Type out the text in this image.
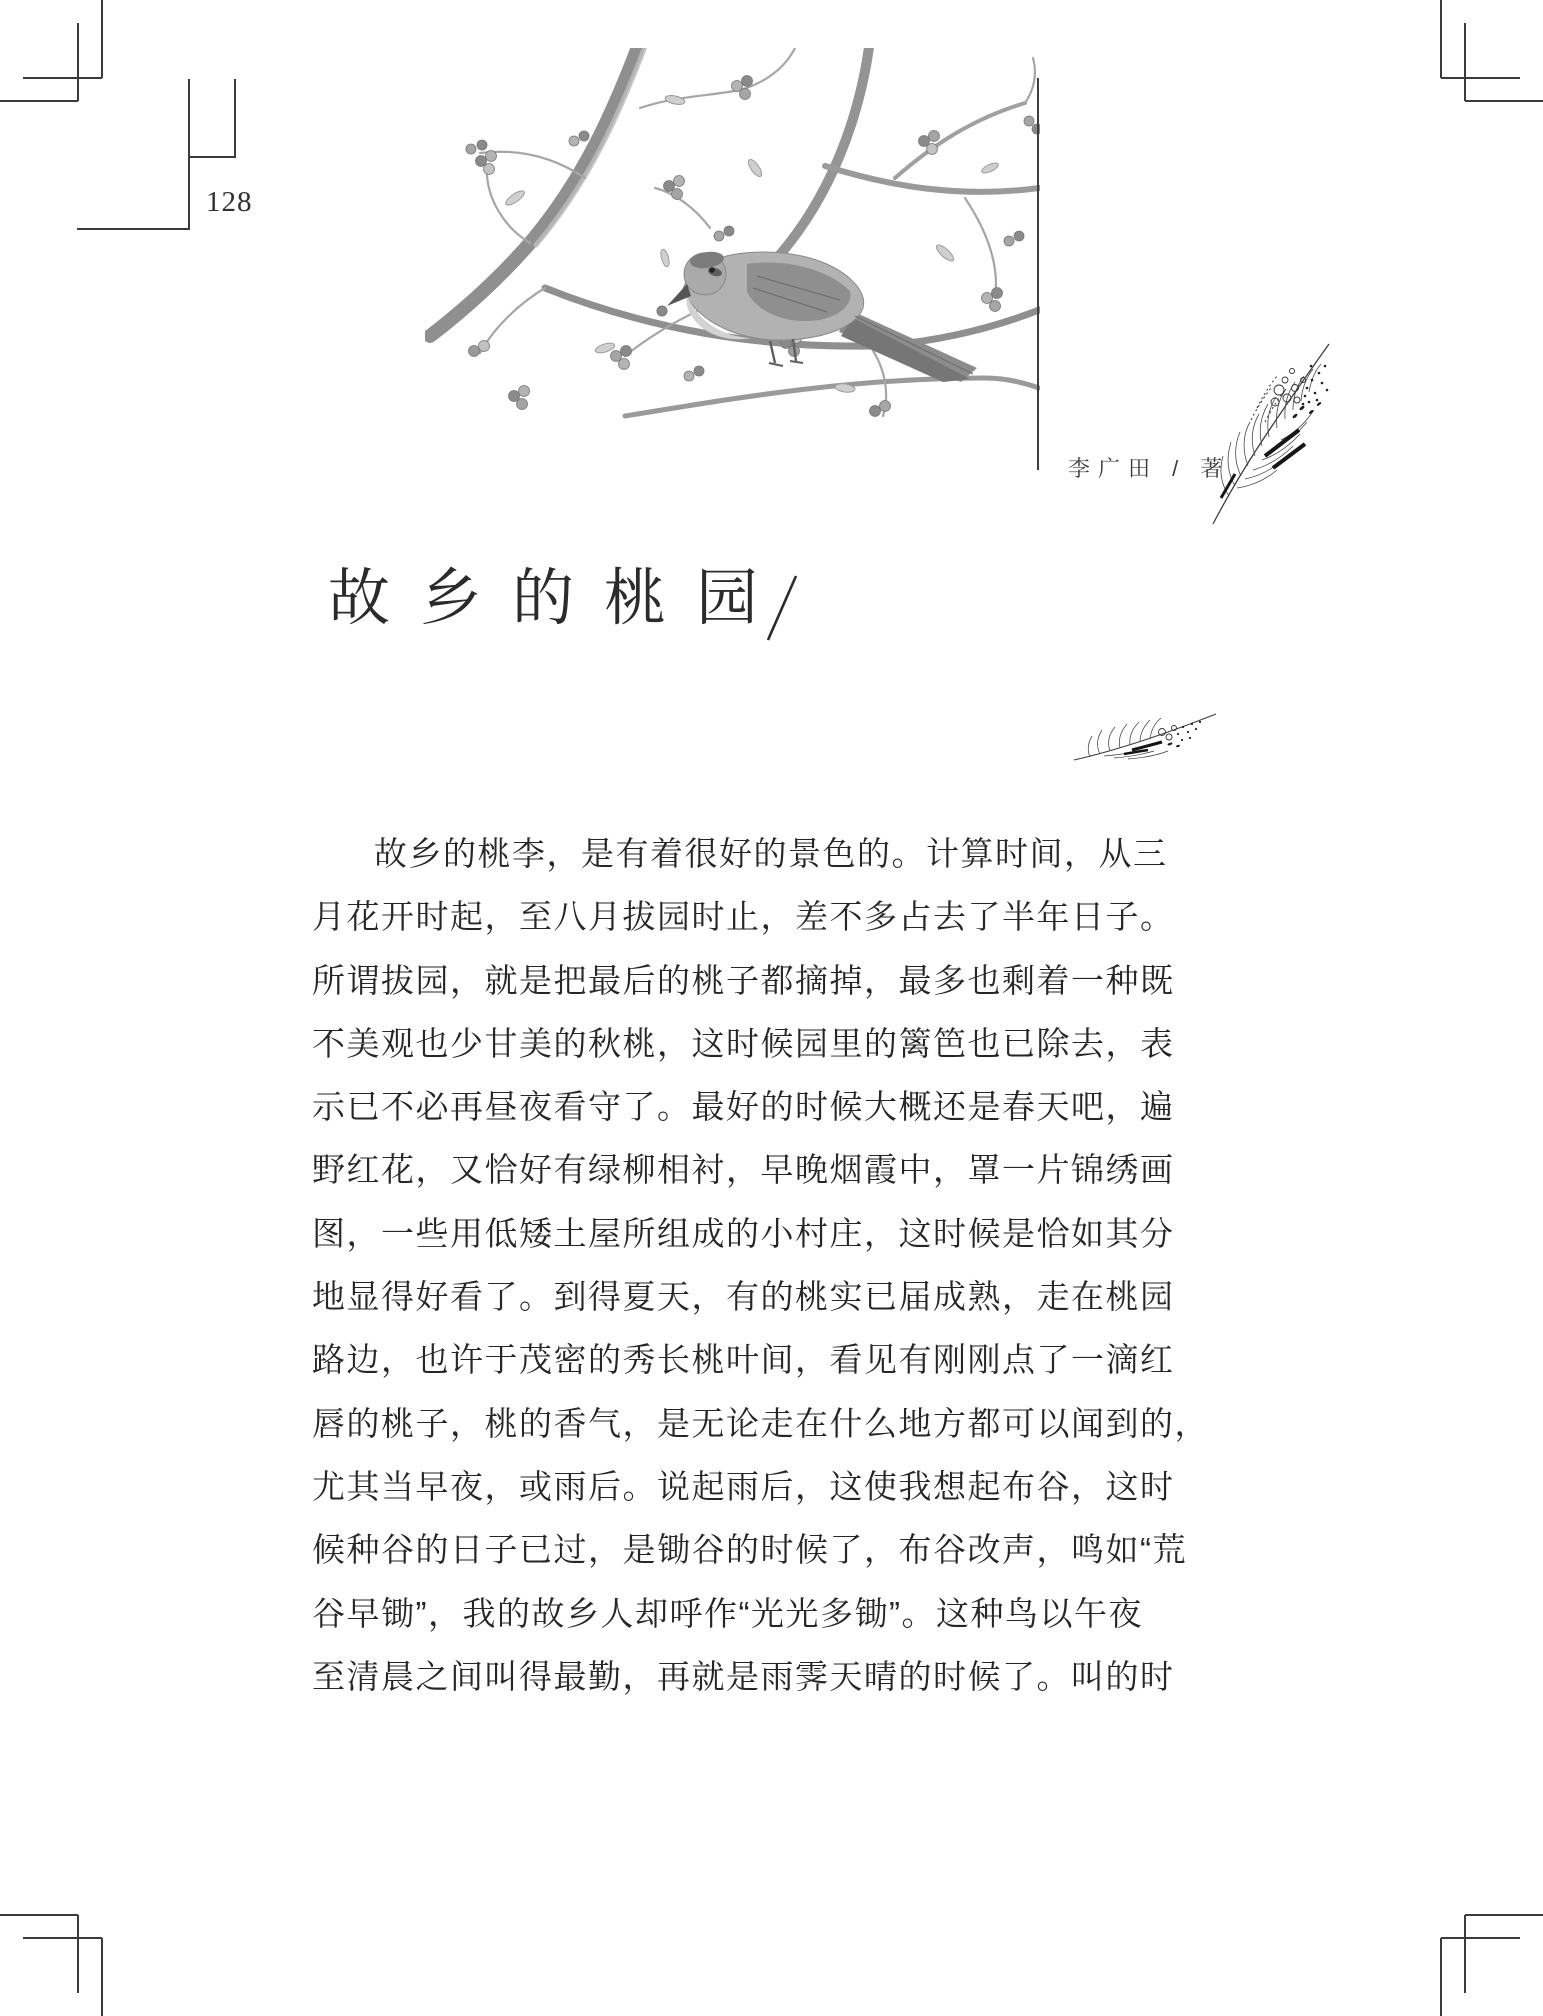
128
李广田 / 著
故乡的桃园
故乡的桃李，是有着很好的景色的。计算时间，从三
月花开时起，至八月拔园时止，差不多占去了半年日子。
所谓拔园，就是把最后的桃子都摘掉，最多也剩着一种既
不美观也少甘美的秋桃，这时候园里的篱笆也已除去，表
示已不必再昼夜看守了。最好的时候大概还是春天吧，遍
野红花，又恰好有绿柳相衬，早晚烟霞中，罩一片锦绣画
图，一些用低矮土屋所组成的小村庄，这时候是恰如其分
地显得好看了。到得夏天，有的桃实已届成熟，走在桃园
路边，也许于茂密的秀长桃叶间，看见有刚刚点了一滴红
唇的桃子，桃的香气，是无论走在什么地方都可以闻到的，
尤其当早夜，或雨后。说起雨后，这使我想起布谷，这时
候种谷的日子已过，是锄谷的时候了，布谷改声，鸣如“荒
谷早锄”，我的故乡人却呼作“光光多锄”。这种鸟以午夜
至清晨之间叫得最勤，再就是雨霁天晴的时候了。叫的时
